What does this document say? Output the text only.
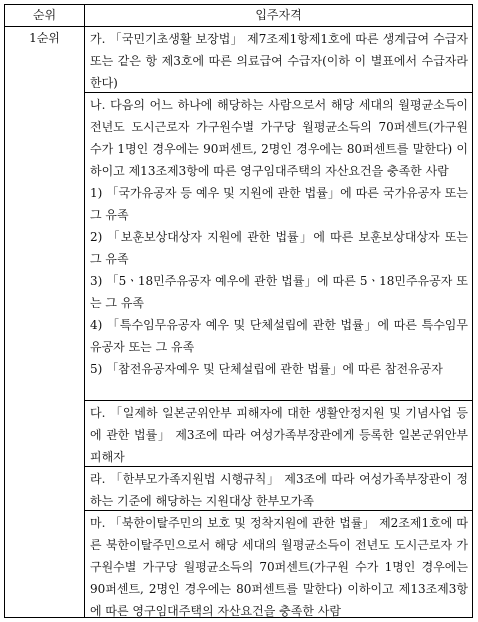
순위	입주자격
1순위	가. 「국민기초생활 보장법」 제7조제1항제1호에 따른 생계급여 수급자 또는 같은 항 제3호에 따른 의료급여 수급자(이하 이 별표에서 수급자라 한다)
나. 다음의 어느 하나에 해당하는 사람으로서 해당 세대의 월평균소득이 전년도 도시근로자 가구원수별 가구당 월평균소득의 70퍼센트(가구원 수가 1명인 경우에는 90퍼센트, 2명인 경우에는 80퍼센트를 말한다) 이하이고 제13조제3항에 따른 영구임대주택의 자산요건을 충족한 사람
1) 「국가유공자 등 예우 및 지원에 관한 법률」에 따른 국가유공자 또는 그 유족
2) 「보훈보상대상자 지원에 관한 법률」에 따른 보훈보상대상자 또는 그 유족
3) 「5ㆍ18민주유공자 예우에 관한 법률」에 따른 5ㆍ18민주유공자 또는 그 유족
4) 「특수임무유공자 예우 및 단체설립에 관한 법률」에 따른 특수임무유공자 또는 그 유족
5) 「참전유공자예우 및 단체설립에 관한 법률」에 따른 참전유공자
다. 「일제하 일본군위안부 피해자에 대한 생활안정지원 및 기념사업 등에 관한 법률」 제3조에 따라 여성가족부장관에게 등록한 일본군위안부 피해자
라. 「한부모가족지원법 시행규칙」 제3조에 따라 여성가족부장관이 정하는 기준에 해당하는 지원대상 한부모가족
마. 「북한이탈주민의 보호 및 정착지원에 관한 법률」 제2조제1호에 따른 북한이탈주민으로서 해당 세대의 월평균소득이 전년도 도시근로자 가구원수별 가구당 월평균소득의 70퍼센트(가구원 수가 1명인 경우에는 90퍼센트, 2명인 경우에는 80퍼센트를 말한다) 이하이고 제13조제3항에 따른 영구임대주택의 자산요건을 충족한 사람
